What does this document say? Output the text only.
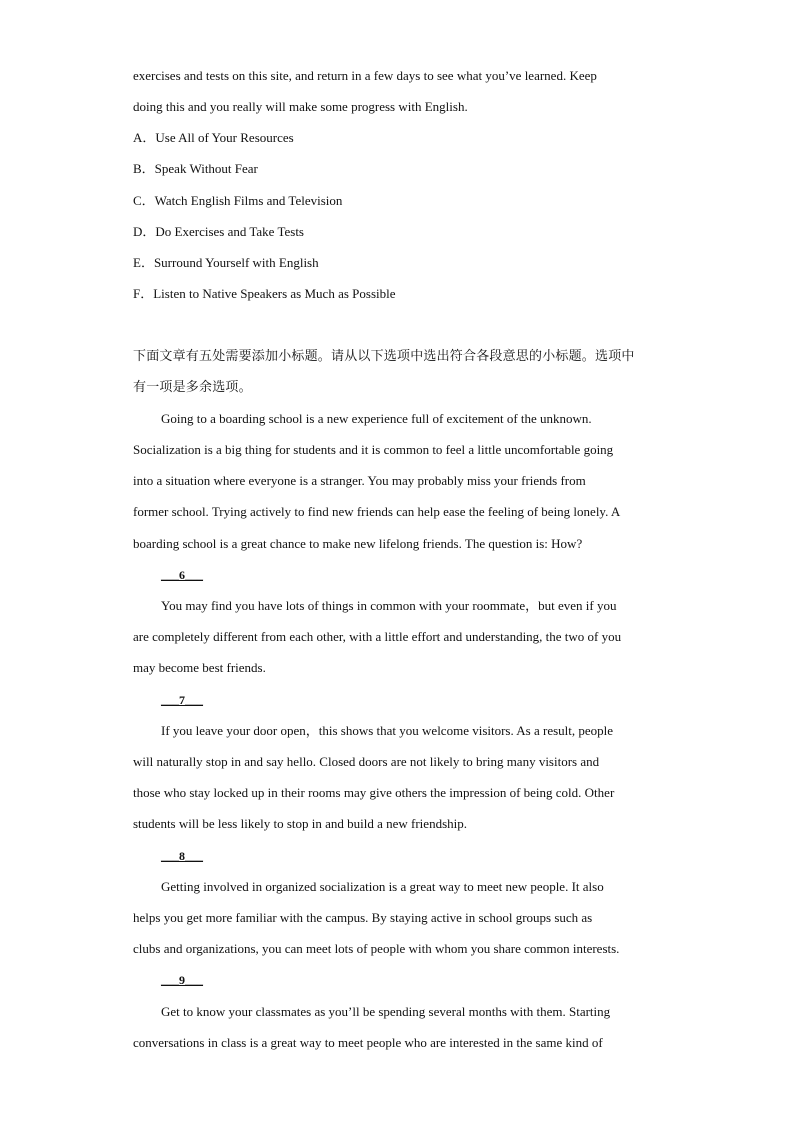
exercises and tests on this site, and return in a few days to see what you’ve learned. Keep
doing this and you really will make some progress with English.
A．Use All of Your Resources
B．Speak Without Fear
C．Watch English Films and Television
D．Do Exercises and Take Tests
E．Surround Yourself with English
F．Listen to Native Speakers as Much as Possible
下面文章有五处需要添加小标题。请从以下选项中选出符合各段意思的小标题。选项中
有一项是多余选项。
Going to a boarding school is a new experience full of excitement of the unknown.
Socialization is a big thing for students and it is common to feel a little uncomfortable going
into a situation where everyone is a stranger. You may probably miss your friends from
former school. Trying actively to find new friends can help ease the feeling of being lonely. A
boarding school is a great chance to make new lifelong friends. The question is: How?
___6___
You may find you have lots of things in common with your roommate，but even if you
are completely different from each other, with a little effort and understanding, the two of you
may become best friends.
___7___
If you leave your door open，this shows that you welcome visitors. As a result, people
will naturally stop in and say hello. Closed doors are not likely to bring many visitors and
those who stay locked up in their rooms may give others the impression of being cold. Other
students will be less likely to stop in and build a new friendship.
___8___
Getting involved in organized socialization is a great way to meet new people. It also
helps you get more familiar with the campus. By staying active in school groups such as
clubs and organizations, you can meet lots of people with whom you share common interests.
___9___
Get to know your classmates as you’ll be spending several months with them. Starting
conversations in class is a great way to meet people who are interested in the same kind of
